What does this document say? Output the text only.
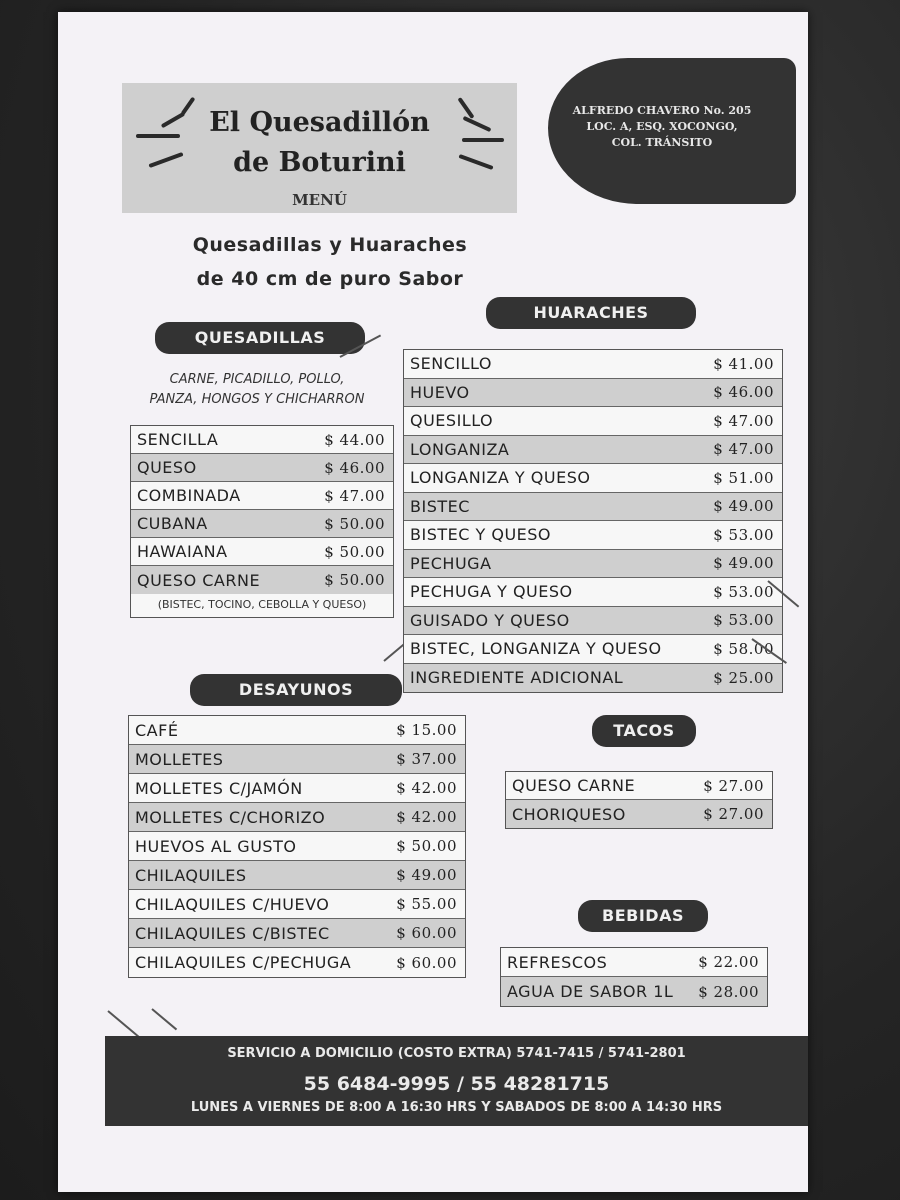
El Quesadillón
de Boturini
MENÚ
ALFREDO CHAVERO No. 205
LOC. A, ESQ. XOCONGO,
COL. TRÁNSITO
Quesadillas y Huaraches
de 40 cm de puro Sabor
QUESADILLAS
CARNE, PICADILLO, POLLO,
PANZA, HONGOS Y CHICHARRON
SENCILLA	$ 44.00
QUESO	$ 46.00
COMBINADA	$ 47.00
CUBANA	$ 50.00
HAWAIANA	$ 50.00
QUESO CARNE	$ 50.00
(BISTEC, TOCINO, CEBOLLA Y QUESO)
HUARACHES
SENCILLO	$ 41.00
HUEVO	$ 46.00
QUESILLO	$ 47.00
LONGANIZA	$ 47.00
LONGANIZA Y QUESO	$ 51.00
BISTEC	$ 49.00
BISTEC Y QUESO	$ 53.00
PECHUGA	$ 49.00
PECHUGA Y QUESO	$ 53.00
GUISADO Y QUESO	$ 53.00
BISTEC, LONGANIZA Y QUESO	$ 58.00
INGREDIENTE ADICIONAL	$ 25.00
DESAYUNOS
CAFÉ	$ 15.00
MOLLETES	$ 37.00
MOLLETES C/JAMÓN	$ 42.00
MOLLETES C/CHORIZO	$ 42.00
HUEVOS AL GUSTO	$ 50.00
CHILAQUILES	$ 49.00
CHILAQUILES C/HUEVO	$ 55.00
CHILAQUILES C/BISTEC	$ 60.00
CHILAQUILES C/PECHUGA	$ 60.00
TACOS
QUESO CARNE	$ 27.00
CHORIQUESO	$ 27.00
BEBIDAS
REFRESCOS	$ 22.00
AGUA DE SABOR 1L $ 28.00
SERVICIO A DOMICILIO (COSTO EXTRA) 5741-7415 / 5741-2801
55 6484-9995 / 55 48281715
LUNES A VIERNES DE 8:00 A 16:30 HRS Y SABADOS DE 8:00 A 14:30 HRS
